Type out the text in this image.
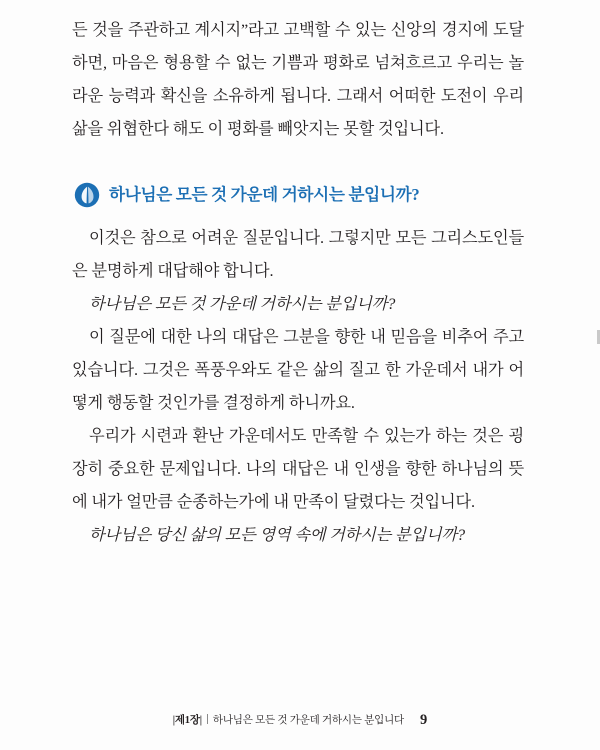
든 것을 주관하고 계시지”라고 고백할 수 있는 신앙의 경지에 도달하면, 마음은 형용할 수 없는 기쁨과 평화로 넘쳐흐르고 우리는 놀라운 능력과 확신을 소유하게 됩니다. 그래서 어떠한 도전이 우리 삶을 위협한다 해도 이 평화를 빼앗지는 못할 것입니다.

하나님은 모든 것 가운데 거하시는 분입니까?

이것은 참으로 어려운 질문입니다. 그렇지만 모든 그리스도인들은 분명하게 대답해야 합니다.

하나님은 모든 것 가운데 거하시는 분입니까?

이 질문에 대한 나의 대답은 그분을 향한 내 믿음을 비추어 주고 있습니다. 그것은 폭풍우와도 같은 삶의 질고 한 가운데서 내가 어떻게 행동할 것인가를 결정하게 하니까요.

우리가 시련과 환난 가운데서도 만족할 수 있는가 하는 것은 굉장히 중요한 문제입니다. 나의 대답은 내 인생을 향한 하나님의 뜻에 내가 얼만큼 순종하는가에 내 만족이 달렸다는 것입니다.

하나님은 당신 삶의 모든 영역 속에 거하시는 분입니까?

|제1장| 하나님은 모든 것 가운데 거하시는 분입니다 9
